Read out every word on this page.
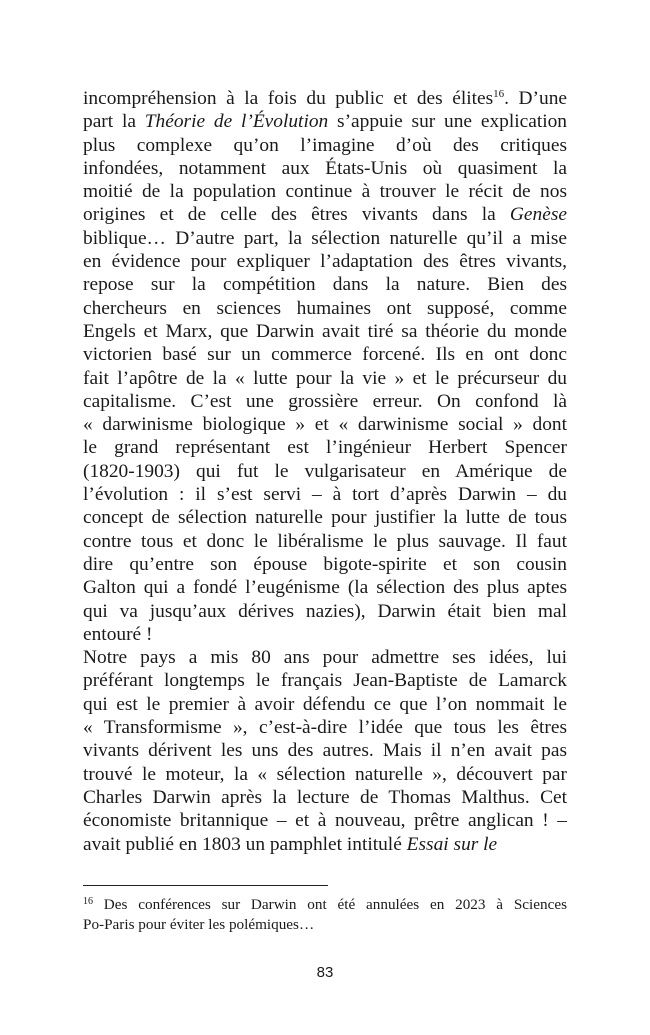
incompréhension à la fois du public et des élites$^{16}$. D’une
part la Théorie de l’Évolution s’appuie sur une explication
plus complexe qu’on l’imagine d’où des critiques
infondées, notamment aux États-Unis où quasiment la
moitié de la population continue à trouver le récit de nos
origines et de celle des êtres vivants dans la Genèse
biblique… D’autre part, la sélection naturelle qu’il a mise
en évidence pour expliquer l’adaptation des êtres vivants,
repose sur la compétition dans la nature. Bien des
chercheurs en sciences humaines ont supposé, comme
Engels et Marx, que Darwin avait tiré sa théorie du monde
victorien basé sur un commerce forcené. Ils en ont donc
fait l’apôtre de la « lutte pour la vie » et le précurseur du
capitalisme. C’est une grossière erreur. On confond là
« darwinisme biologique » et « darwinisme social » dont
le grand représentant est l’ingénieur Herbert Spencer
(1820-1903) qui fut le vulgarisateur en Amérique de
l’évolution : il s’est servi – à tort d’après Darwin – du
concept de sélection naturelle pour justifier la lutte de tous
contre tous et donc le libéralisme le plus sauvage. Il faut
dire qu’entre son épouse bigote-spirite et son cousin
Galton qui a fondé l’eugénisme (la sélection des plus aptes
qui va jusqu’aux dérives nazies), Darwin était bien mal
entouré !
Notre pays a mis 80 ans pour admettre ses idées, lui
préférant longtemps le français Jean-Baptiste de Lamarck
qui est le premier à avoir défendu ce que l’on nommait le
« Transformisme », c’est-à-dire l’idée que tous les êtres
vivants dérivent les uns des autres. Mais il n’en avait pas
trouvé le moteur, la « sélection naturelle », découvert par
Charles Darwin après la lecture de Thomas Malthus. Cet
économiste britannique – et à nouveau, prêtre anglican ! –
avait publié en 1803 un pamphlet intitulé Essai sur le
$^{16}$ Des conférences sur Darwin ont été annulées en 2023 à Sciences
Po-Paris pour éviter les polémiques…
83
